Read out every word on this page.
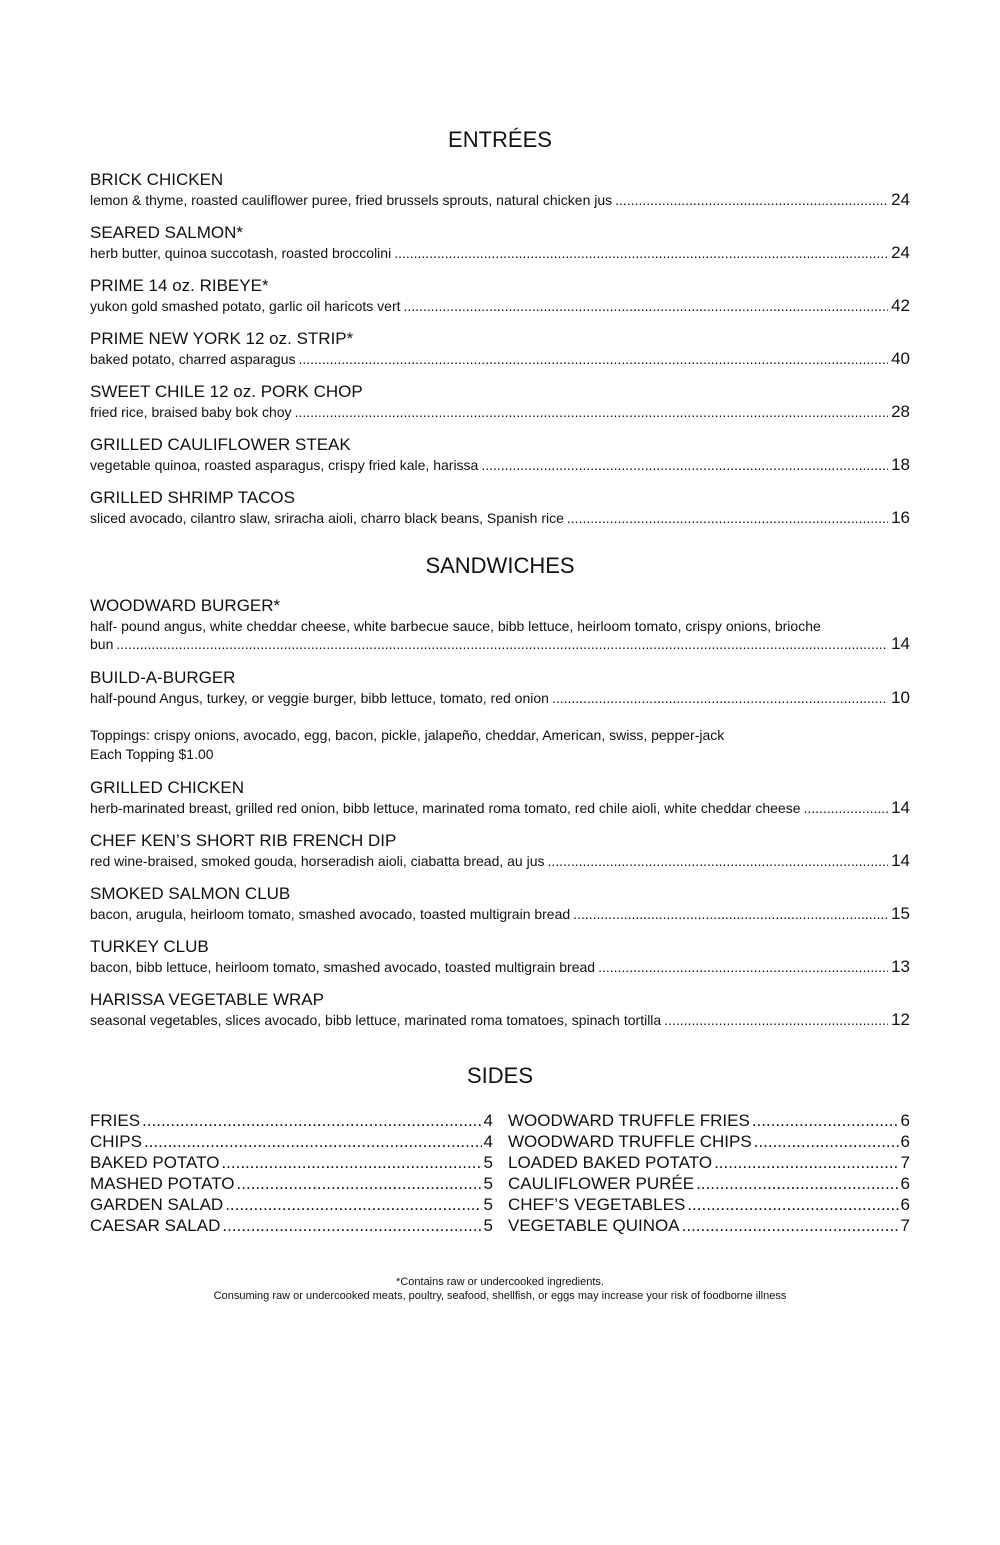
ENTRÉES
BRICK CHICKEN
lemon & thyme, roasted cauliflower puree, fried brussels sprouts, natural chicken jus .....	24
SEARED SALMON*
herb butter, quinoa succotash, roasted broccolini .....	24
PRIME 14 oz. RIBEYE*
yukon gold smashed potato, garlic oil haricots vert .....	42
PRIME NEW YORK 12 oz. STRIP*
baked potato, charred asparagus .....	40
SWEET CHILE 12 oz. PORK CHOP
fried rice, braised baby bok choy .....	28
GRILLED CAULIFLOWER STEAK
vegetable quinoa, roasted asparagus, crispy fried kale, harissa .....	18
GRILLED SHRIMP TACOS
sliced avocado, cilantro slaw, sriracha aioli, charro black beans, Spanish rice .....	16
SANDWICHES
WOODWARD BURGER*
half- pound angus, white cheddar cheese, white barbecue sauce, bibb lettuce, heirloom tomato, crispy onions, brioche
bun .....	14
BUILD-A-BURGER
half-pound Angus, turkey, or veggie burger, bibb lettuce, tomato, red onion .....	10
Toppings: crispy onions, avocado, egg, bacon, pickle, jalapeño, cheddar, American, swiss, pepper-jack
Each Topping $1.00
GRILLED CHICKEN
herb-marinated breast, grilled red onion, bibb lettuce, marinated roma tomato, red chile aioli, white cheddar cheese .....	14
CHEF KEN’S SHORT RIB FRENCH DIP
red wine-braised, smoked gouda, horseradish aioli, ciabatta bread, au jus .....	14
SMOKED SALMON CLUB
bacon, arugula, heirloom tomato, smashed avocado, toasted multigrain bread .....	15
TURKEY CLUB
bacon, bibb lettuce, heirloom tomato, smashed avocado, toasted multigrain bread .....	13
HARISSA VEGETABLE WRAP
seasonal vegetables, slices avocado, bibb lettuce, marinated roma tomatoes, spinach tortilla .....	12
SIDES
FRIES .....	4
CHIPS .....	4
BAKED POTATO .....	5
MASHED POTATO .....	5
GARDEN SALAD .....	5
CAESAR SALAD .....	5
WOODWARD TRUFFLE FRIES .....	6
WOODWARD TRUFFLE CHIPS .....	6
LOADED BAKED POTATO .....	7
CAULIFLOWER PURÉE .....	6
CHEF’S VEGETABLES .....	6
VEGETABLE QUINOA .....	7
*Contains raw or undercooked ingredients.
Consuming raw or undercooked meats, poultry, seafood, shellfish, or eggs may increase your risk of foodborne illness
